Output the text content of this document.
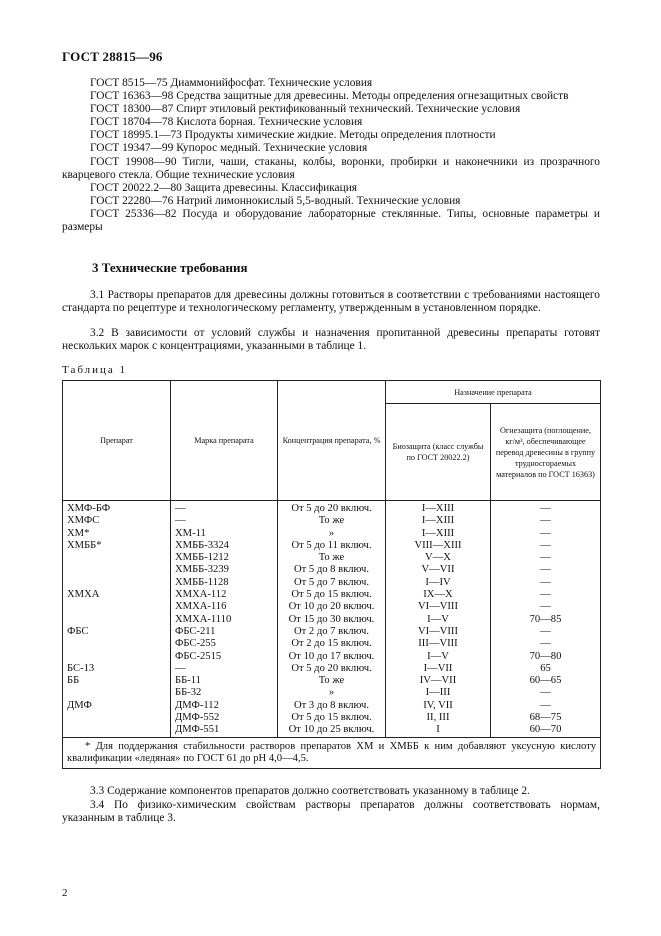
ГОСТ 28815—96
ГОСТ 8515—75 Диаммонийфосфат. Технические условия
ГОСТ 16363—98 Средства защитные для древесины. Методы определения огнезащитных свойств
ГОСТ 18300—87 Спирт этиловый ректификованный технический. Технические условия
ГОСТ 18704—78 Кислота борная. Технические условия
ГОСТ 18995.1—73 Продукты химические жидкие. Методы определения плотности
ГОСТ 19347—99 Купорос медный. Технические условия
ГОСТ 19908—90 Тигли, чаши, стаканы, колбы, воронки, пробирки и наконечники из прозрачного кварцевого стекла. Общие технические условия
ГОСТ 20022.2—80 Защита древесины. Классификация
ГОСТ 22280—76 Натрий лимоннокислый 5,5-водный. Технические условия
ГОСТ 25336—82 Посуда и оборудование лабораторные стеклянные. Типы, основные параметры и размеры
3 Технические требования
3.1 Растворы препаратов для древесины должны готовиться в соответствии с требованиями настоящего стандарта по рецептуре и технологическому регламенту, утвержденным в установленном порядке.
3.2 В зависимости от условий службы и назначения пропитанной древесины препараты готовят нескольких марок с концентрациями, указанными в таблице 1.
Таблица 1
Препарат	Марка препарата	Концентрация препарата, %	Назначение препарата	
			Биозащита (класс службы по ГОСТ 20022.2)	Огнезащита (поглощение, кг/м³, обеспечивающее перевод древесины в группу трудносгораемых материалов по ГОСТ 16363)
ХМФ-БФ	—	От 5 до 20 включ.	I—XIII	—
ХМФС	—	То же	I—XIII	—
ХМ*	ХМ-11	»	I—XIII	—
ХМББ*	ХМББ-3324	От 5 до 11 включ.	VIII—XIII	—
	ХМББ-1212	То же	V—X	—
	ХМББ-3239	От 5 до 8 включ.	V—VII	—
	ХМББ-1128	От 5 до 7 включ.	I—IV	—
ХМХА	ХМХА-112	От 5 до 15 включ.	IX—X	—
	ХМХА-116	От 10 до 20 включ.	VI—VIII	—
	ХМХА-1110	От 15 до 30 включ.	I—V	70—85
ФБС	ФБС-211	От 2 до 7 включ.	VI—VIII	—
	ФБС-255	От 2 до 15 включ.	III—VIII	—
	ФБС-2515	От 10 до 17 включ.	I—V	70—80
БС-13	—	От 5 до 20 включ.	I—VII	65
ББ	ББ-11	То же	IV—VII	60—65
	ББ-32	»	I—III	—
ДМФ	ДМФ-112	От 3 до 8 включ.	IV, VII	—
	ДМФ-552	От 5 до 15 включ.	II, III	68—75
	ДМФ-551	От 10 до 25 включ.	I	60—70
* Для поддержания стабильности растворов препаратов ХМ и ХМББ к ним добавляют уксусную кислоту квалификации «ледяная» по ГОСТ 61 до рН 4,0—4,5.				
3.3 Содержание компонентов препаратов должно соответствовать указанному в таблице 2.
3.4 По физико-химическим свойствам растворы препаратов должны соответствовать нормам, указанным в таблице 3.
2
